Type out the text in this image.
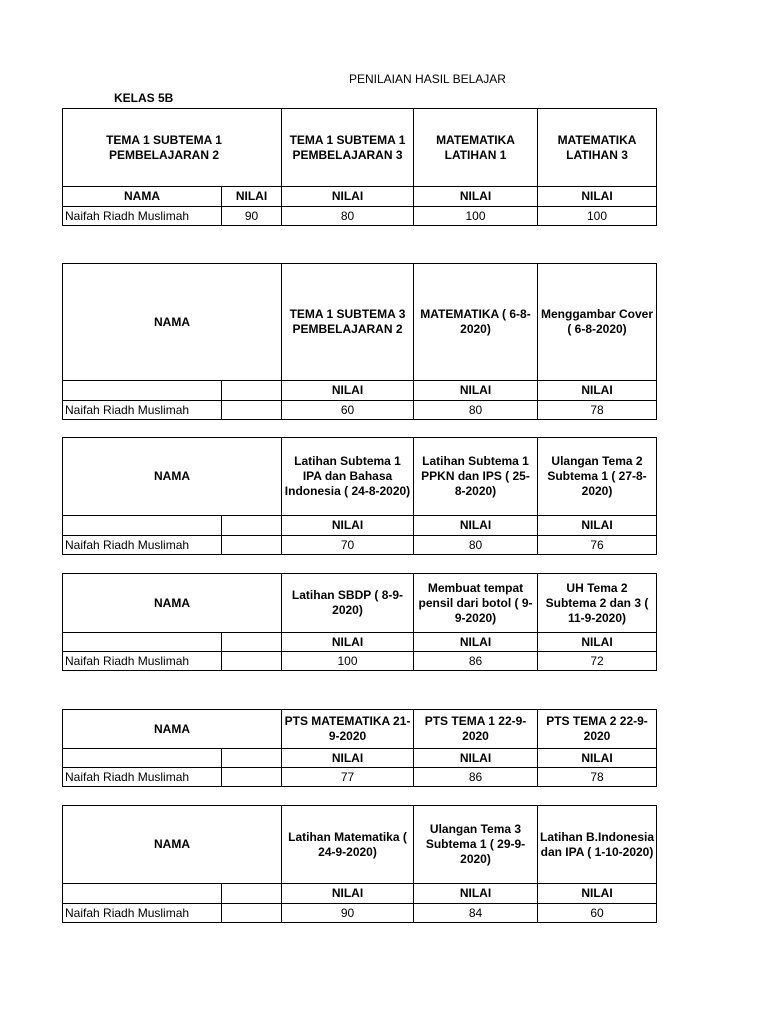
PENILAIAN HASIL BELAJAR
KELAS 5B
TEMA 1 SUBTEMA 1 PEMBELAJARAN 2		TEMA 1 SUBTEMA 1 PEMBELAJARAN 3	MATEMATIKA LATIHAN 1	MATEMATIKA LATIHAN 3

NAMA	NILAI	NILAI	NILAI	NILAI
Naifah Riadh Muslimah	90	80	100	100
NAMA		TEMA 1 SUBTEMA 3 PEMBELAJARAN 2	MATEMATIKA ( 6-8-2020)	Menggambar Cover ( 6-8-2020)
		NILAI	NILAI	NILAI
Naifah Riadh Muslimah		60	80	78
NAMA		Latihan Subtema 1 IPA dan Bahasa Indonesia ( 24-8-2020)	Latihan Subtema 1 PPKN dan IPS ( 25-8-2020)	Ulangan Tema 2 Subtema 1 ( 27-8-2020)
		NILAI	NILAI	NILAI
Naifah Riadh Muslimah		70	80	76
NAMA		Latihan SBDP ( 8-9-2020)	Membuat tempat pensil dari botol ( 9-9-2020)	UH Tema 2 Subtema 2 dan 3 ( 11-9-2020)
		NILAI	NILAI	NILAI
Naifah Riadh Muslimah		100	86	72
NAMA		PTS MATEMATIKA 21-9-2020	PTS TEMA 1 22-9-2020	PTS TEMA 2 22-9-2020
		NILAI	NILAI	NILAI
Naifah Riadh Muslimah		77	86	78
NAMA		Latihan Matematika ( 24-9-2020)	Ulangan Tema 3 Subtema 1 ( 29-9-2020)	Latihan B.Indonesia dan IPA ( 1-10-2020)
		NILAI	NILAI	NILAI
Naifah Riadh Muslimah		90	84	60
